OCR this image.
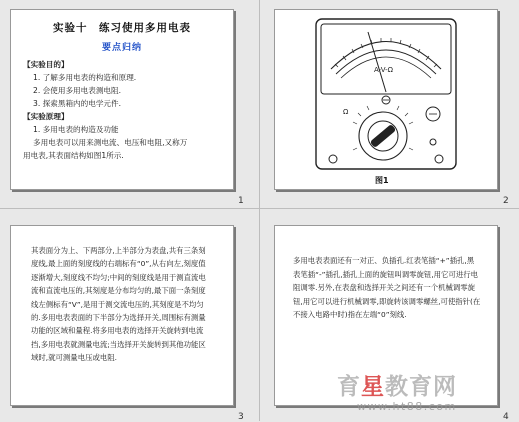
实验十　练习使用多用电表
要点归纳
【实验目的】
1. 了解多用电表的构造和原理.
2. 会使用多用电表测电阻.
3. 探索黑箱内的电学元件.
【实验原理】
1. 多用电表的构造及功能
多用电表可以用来测电流、电压和电阻,又称万
用电表,其表面结构如图1所示.
1
A-V-Ω
Ω
图1
2
其表面分为上、下两部分,上半部分为表盘,共有三条刻度线,最上面的刻度线的右端标有“0”,从右向左,刻度值逐渐增大,刻度线不均匀;中间的刻度线是用于测直流电流和直流电压的,其刻度是分布均匀的,最下面一条刻度线左侧标有“V”,是用于测交流电压的,其刻度是不均匀的.多用电表表面的下半部分为选择开关,周围标有测量功能的区域和量程.将多用电表的选择开关旋转到电流挡,多用电表就测量电流;当选择开关旋转到其他功能区域时,就可测量电压或电阻.
3
多用电表表面还有一对正、负插孔.红表笔插“+”插孔,黑表笔插“-”插孔,插孔上面的旋钮叫调零旋钮,用它可进行电阻调零.另外,在表盘和选择开关之间还有一个机械调零旋钮,用它可以进行机械调零,即旋转该调零螺丝,可使指针(在不接入电路中时)指在左端“0”刻线.
4
育星教育网
www.ht88.com
